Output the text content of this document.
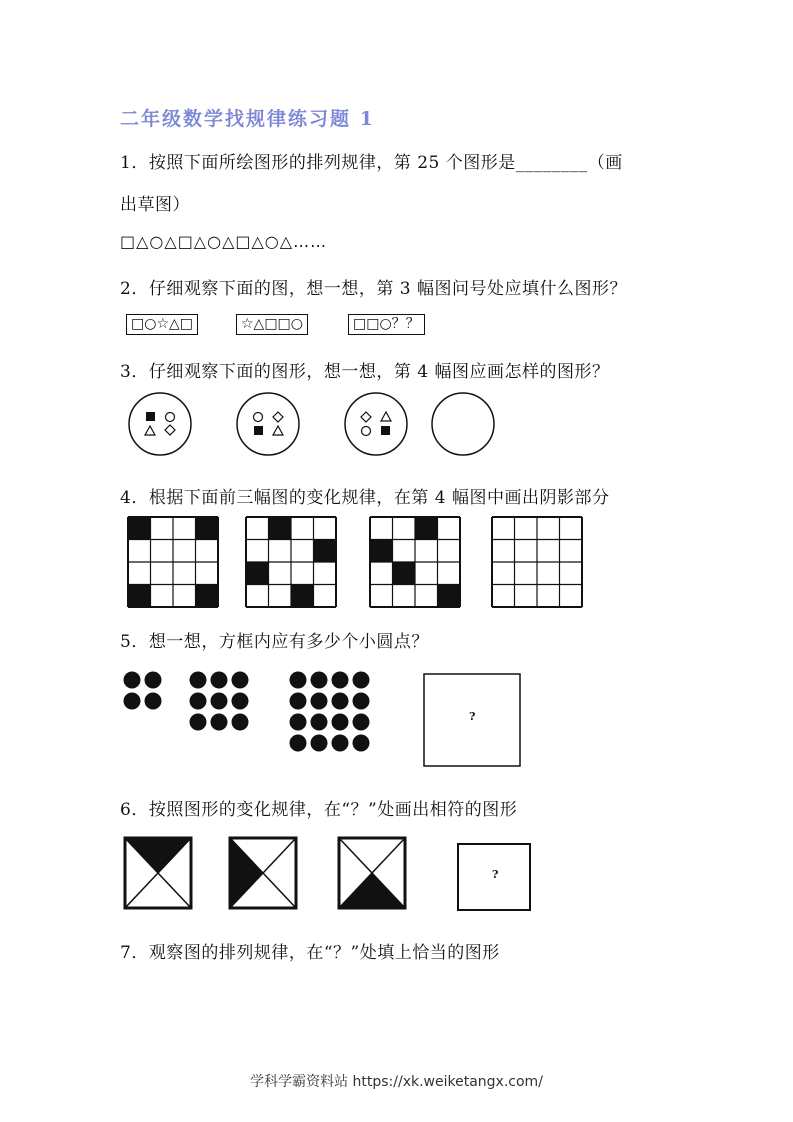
二年级数学找规律练习题 1
1．按照下面所绘图形的排列规律，第 25 个图形是________（画
出草图）
□△○△□△○△□△○△……
2．仔细观察下面的图，想一想，第 3 幅图问号处应填什么图形？
□○☆△□	☆△□□○	□□○？？
3．仔细观察下面的图形，想一想，第 4 幅图应画怎样的图形？
4．根据下面前三幅图的变化规律，在第 4 幅图中画出阴影部分
5．想一想，方框内应有多少个小圆点？
?
6．按照图形的变化规律，在“？”处画出相符的图形
?
7．观察图的排列规律，在“？”处填上恰当的图形
学科学霸资料站 https://xk.weiketangx.com/
